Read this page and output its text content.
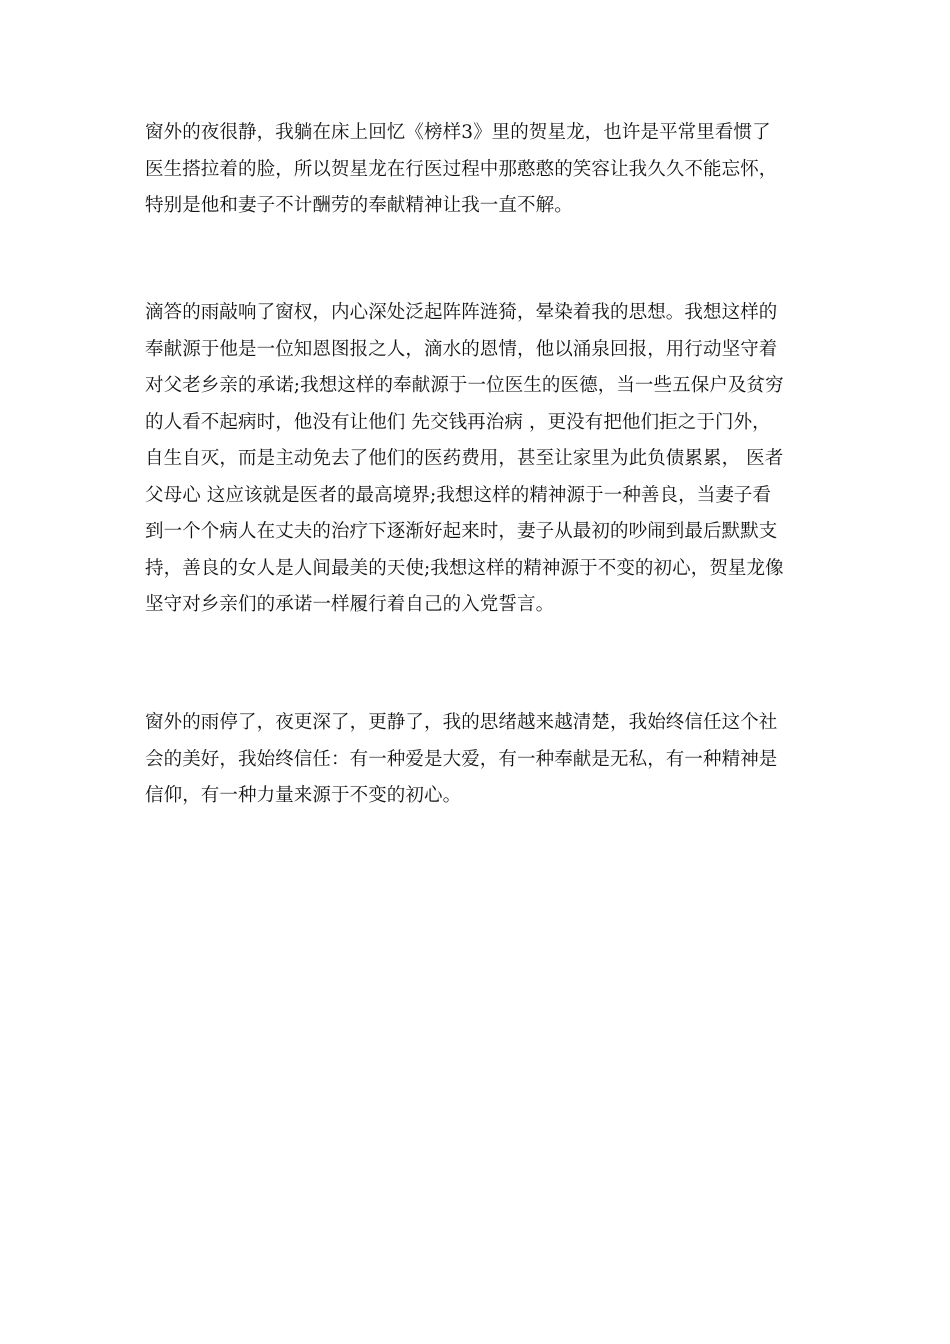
窗外的夜很静，我躺在床上回忆《榜样3》里的贺星龙，也许是平常里看惯了
医生搭拉着的脸，所以贺星龙在行医过程中那憨憨的笑容让我久久不能忘怀，
特别是他和妻子不计酬劳的奉献精神让我一直不解。

滴答的雨敲响了窗杈，内心深处泛起阵阵涟猗，晕染着我的思想。我想这样的
奉献源于他是一位知恩图报之人，滴水的恩情，他以涌泉回报，用行动坚守着
对父老乡亲的承诺;我想这样的奉献源于一位医生的医德，当一些五保户及贫穷
的人看不起病时，他没有让他们 先交钱再治病 ，更没有把他们拒之于门外，
自生自灭，而是主动免去了他们的医药费用，甚至让家里为此负债累累， 医者
父母心 这应该就是医者的最高境界;我想这样的精神源于一种善良，当妻子看
到一个个病人在丈夫的治疗下逐渐好起来时，妻子从最初的吵闹到最后默默支
持，善良的女人是人间最美的天使;我想这样的精神源于不变的初心，贺星龙像
坚守对乡亲们的承诺一样履行着自己的入党誓言。

窗外的雨停了，夜更深了，更静了，我的思绪越来越清楚，我始终信任这个社
会的美好，我始终信任：有一种爱是大爱，有一种奉献是无私，有一种精神是
信仰，有一种力量来源于不变的初心。
